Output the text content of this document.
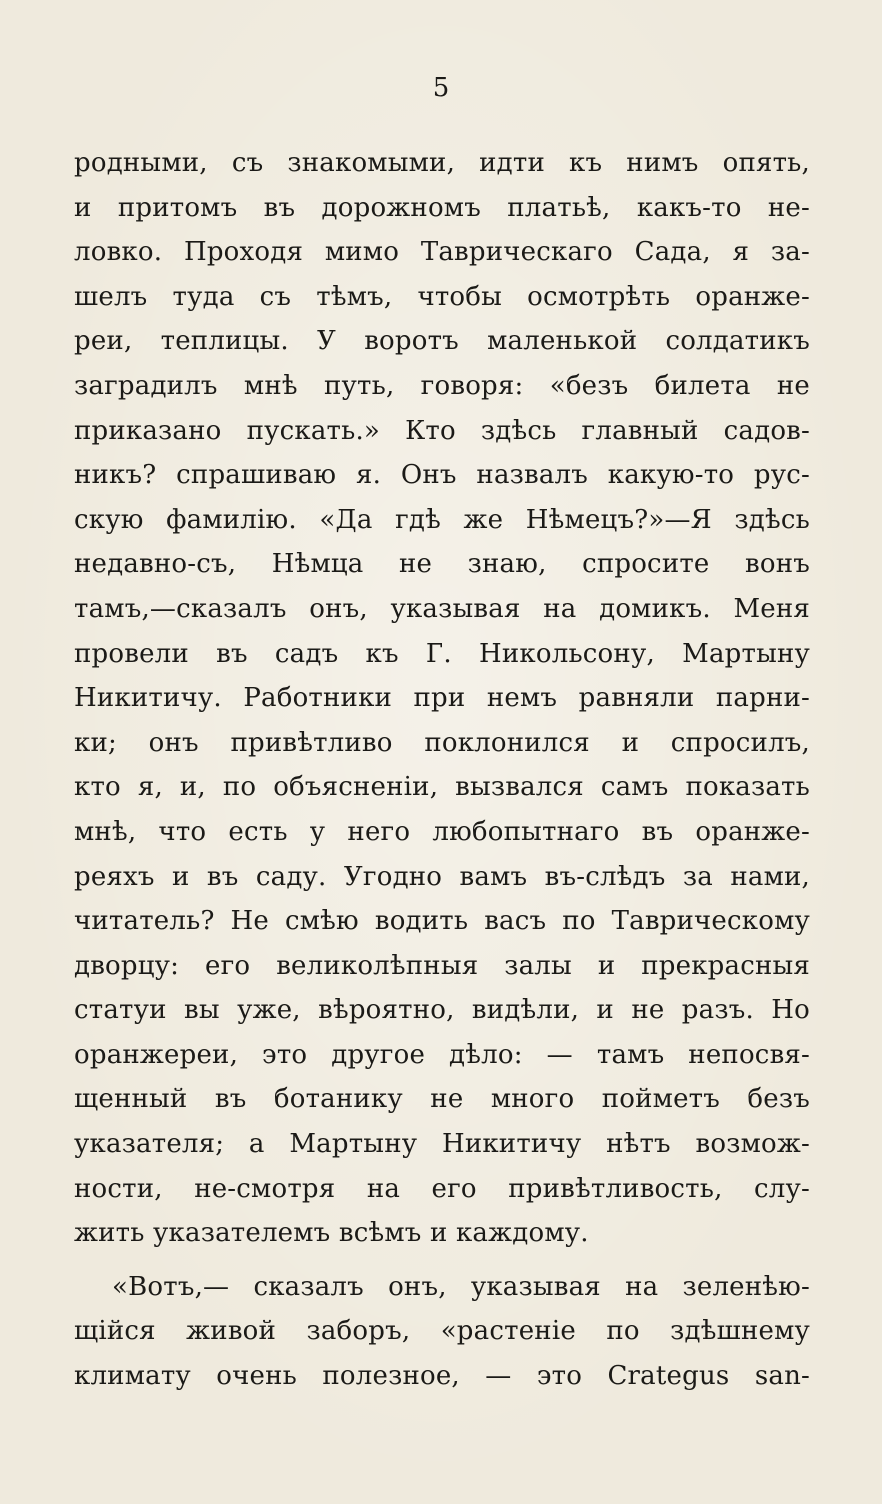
5
родными, съ знакомыми, идти къ нимъ опять,
и притомъ въ дорожномъ платьѣ, какъ-то не-
ловко. Проходя мимо Таврическаго Сада, я за-
шелъ туда съ тѣмъ, чтобы осмотрѣть оранже-
реи, теплицы. У воротъ маленькой солдатикъ
заградилъ мнѣ путь, говоря: «безъ билета не
приказано пускать.» Кто здѣсь главный садов-
никъ? спрашиваю я. Онъ назвалъ какую-то рус-
скую фамилію. «Да гдѣ же Нѣмецъ?»—Я здѣсь
недавно-съ, Нѣмца не знаю, спросите вонъ
тамъ,—сказалъ онъ, указывая на домикъ. Меня
провели въ садъ къ Г. Никольсону, Мартыну
Никитичу. Работники при немъ равняли парни-
ки; онъ привѣтливо поклонился и спросилъ,
кто я, и, по объясненіи, вызвался самъ показать
мнѣ, что есть у него любопытнаго въ оранже-
реяхъ и въ саду. Угодно вамъ въ-слѣдъ за нами,
читатель? Не смѣю водить васъ по Таврическому
дворцу: его великолѣпныя залы и прекрасныя
статуи вы уже, вѣроятно, видѣли, и не разъ. Но
оранжереи, это другое дѣло: — тамъ непосвя-
щенный въ ботанику не много пойметъ безъ
указателя; а Мартыну Никитичу нѣтъ возмож-
ности, не-смотря на его привѣтливость, слу-
жить указателемъ всѣмъ и каждому.
«Вотъ,— сказалъ онъ, указывая на зеленѣю-
щійся живой заборъ, «растеніе по здѣшнему
климату очень полезное, — это Crategus san-
